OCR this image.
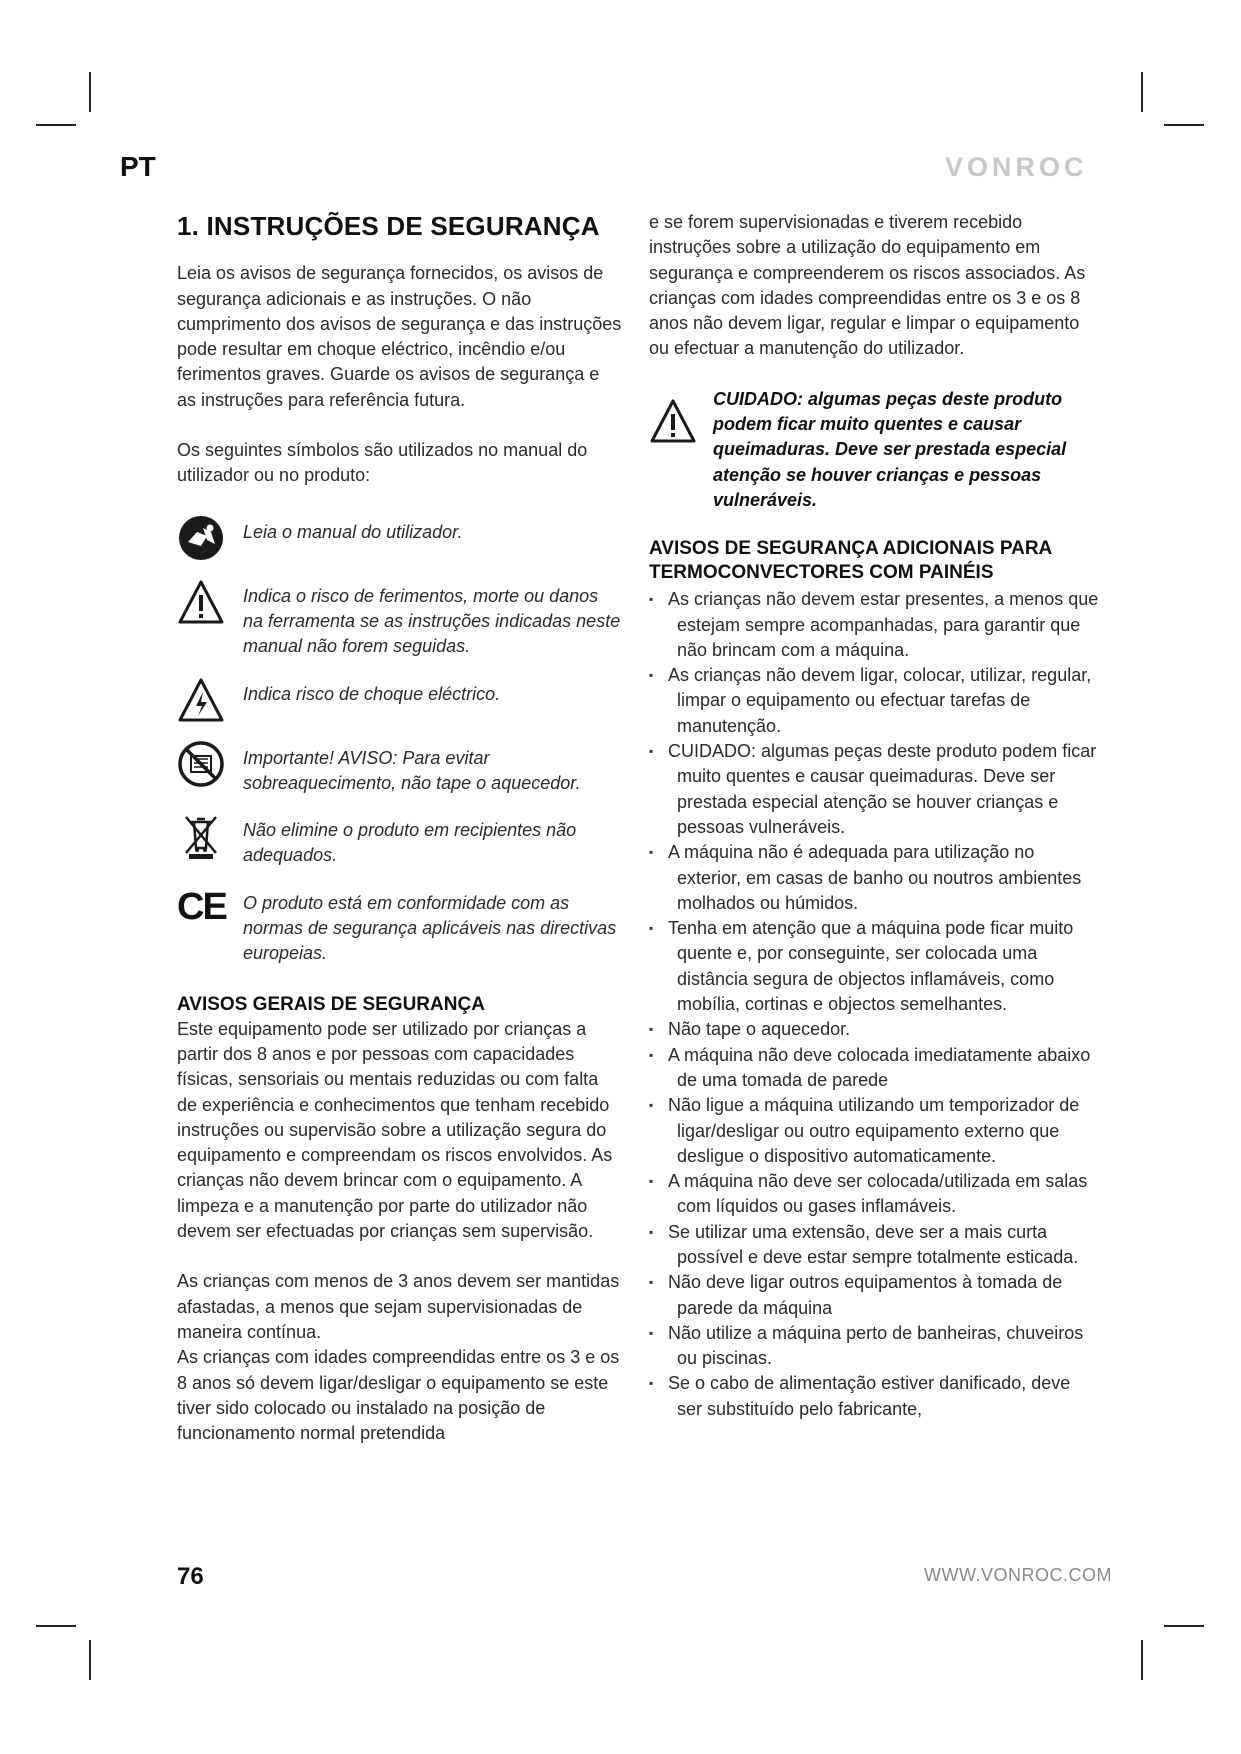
PT	VONROC
1. INSTRUÇÕES DE SEGURANÇA

Leia os avisos de segurança fornecidos, os avisos de segurança adicionais e as instruções. O não cumprimento dos avisos de segurança e das instruções pode resultar em choque eléctrico, incêndio e/ou ferimentos graves. Guarde os avisos de segurança e as instruções para referência futura.

Os seguintes símbolos são utilizados no manual do utilizador ou no produto:

Leia o manual do utilizador.
Indica o risco de ferimentos, morte ou danos na ferramenta se as instruções indicadas neste manual não forem seguidas.
Indica risco de choque eléctrico.
Importante! AVISO: Para evitar sobreaquecimento, não tape o aquecedor.
Não elimine o produto em recipientes não adequados.
CE O produto está em conformidade com as normas de segurança aplicáveis nas directivas europeias.
AVISOS GERAIS DE SEGURANÇA

Este equipamento pode ser utilizado por crianças a partir dos 8 anos e por pessoas com capacidades físicas, sensoriais ou mentais reduzidas ou com falta de experiência e conhecimentos que tenham recebido instruções ou supervisão sobre a utilização segura do equipamento e compreendam os riscos envolvidos. As crianças não devem brincar com o equipamento. A limpeza e a manutenção por parte do utilizador não devem ser efectuadas por crianças sem supervisão.

As crianças com menos de 3 anos devem ser mantidas afastadas, a menos que sejam supervisionadas de maneira contínua.

As crianças com idades compreendidas entre os 3 e os 8 anos só devem ligar/desligar o equipamento se este tiver sido colocado ou instalado na posição de funcionamento normal pretendida

e se forem supervisionadas e tiverem recebido instruções sobre a utilização do equipamento em segurança e compreenderem os riscos associados. As crianças com idades compreendidas entre os 3 e os 8 anos não devem ligar, regular e limpar o equipamento ou efectuar a manutenção do utilizador.

CUIDADO: algumas peças deste produto podem ficar muito quentes e causar queimaduras. Deve ser prestada especial atenção se houver crianças e pessoas vulneráveis.
AVISOS DE SEGURANÇA ADICIONAIS PARA TERMOCONVECTORES COM PAINÉIS
▪ As crianças não devem estar presentes, a menos que estejam sempre acompanhadas, para garantir que não brincam com a máquina.
▪ As crianças não devem ligar, colocar, utilizar, regular, limpar o equipamento ou efectuar tarefas de manutenção.
▪ CUIDADO: algumas peças deste produto podem ficar muito quentes e causar queimaduras. Deve ser prestada especial atenção se houver crianças e pessoas vulneráveis.
▪ A máquina não é adequada para utilização no exterior, em casas de banho ou noutros ambientes molhados ou húmidos.
▪ Tenha em atenção que a máquina pode ficar muito quente e, por conseguinte, ser colocada uma distância segura de objectos inflamáveis, como mobília, cortinas e objectos semelhantes.
▪ Não tape o aquecedor.
▪ A máquina não deve colocada imediatamente abaixo de uma tomada de parede
▪ Não ligue a máquina utilizando um temporizador de ligar/desligar ou outro equipamento externo que desligue o dispositivo automaticamente.
▪ A máquina não deve ser colocada/utilizada em salas com líquidos ou gases inflamáveis.
▪ Se utilizar uma extensão, deve ser a mais curta possível e deve estar sempre totalmente esticada.
▪ Não deve ligar outros equipamentos à tomada de parede da máquina
▪ Não utilize a máquina perto de banheiras, chuveiros ou piscinas.
▪ Se o cabo de alimentação estiver danificado, deve ser substituído pelo fabricante,
76	WWW.VONROC.COM
